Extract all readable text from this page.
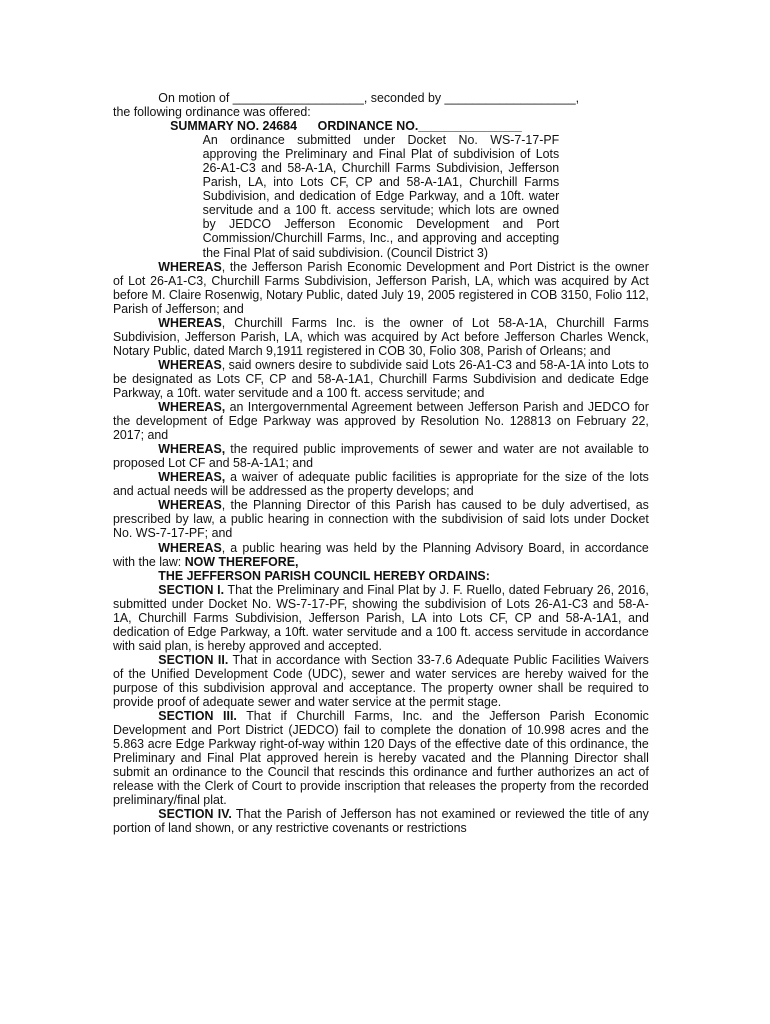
On motion of ___________________, seconded by ___________________,

the following ordinance was offered:

SUMMARY NO. 24684 ORDINANCE NO._______________

An ordinance submitted under Docket No. WS-7-17-PF approving the Preliminary and Final Plat of subdivision of Lots 26-A1-C3 and 58-A-1A, Churchill Farms Subdivision, Jefferson Parish, LA, into Lots CF, CP and 58-A-1A1, Churchill Farms Subdivision, and dedication of Edge Parkway, and a 10ft. water servitude and a 100 ft. access servitude; which lots are owned by JEDCO Jefferson Economic Development and Port Commission/Churchill Farms, Inc., and approving and accepting the Final Plat of said subdivision. (Council District 3)

WHEREAS, the Jefferson Parish Economic Development and Port District is the owner of Lot 26-A1-C3, Churchill Farms Subdivision, Jefferson Parish, LA, which was acquired by Act before M. Claire Rosenwig, Notary Public, dated July 19, 2005 registered in COB 3150, Folio 112, Parish of Jefferson; and

WHEREAS, Churchill Farms Inc. is the owner of Lot 58-A-1A, Churchill Farms Subdivision, Jefferson Parish, LA, which was acquired by Act before Jefferson Charles Wenck, Notary Public, dated March 9,1911 registered in COB 30, Folio 308, Parish of Orleans; and

WHEREAS, said owners desire to subdivide said Lots 26-A1-C3 and 58-A-1A into Lots to be designated as Lots CF, CP and 58-A-1A1, Churchill Farms Subdivision and dedicate Edge Parkway, a 10ft. water servitude and a 100 ft. access servitude; and

WHEREAS, an Intergovernmental Agreement between Jefferson Parish and JEDCO for the development of Edge Parkway was approved by Resolution No. 128813 on February 22, 2017; and

WHEREAS, the required public improvements of sewer and water are not available to proposed Lot CF and 58-A-1A1; and

WHEREAS, a waiver of adequate public facilities is appropriate for the size of the lots and actual needs will be addressed as the property develops; and

WHEREAS, the Planning Director of this Parish has caused to be duly advertised, as prescribed by law, a public hearing in connection with the subdivision of said lots under Docket No. WS-7-17-PF; and

WHEREAS, a public hearing was held by the Planning Advisory Board, in accordance with the law: NOW THEREFORE,

THE JEFFERSON PARISH COUNCIL HEREBY ORDAINS:

SECTION I. That the Preliminary and Final Plat by J. F. Ruello, dated February 26, 2016, submitted under Docket No. WS-7-17-PF, showing the subdivision of Lots 26-A1-C3 and 58-A-1A, Churchill Farms Subdivision, Jefferson Parish, LA into Lots CF, CP and 58-A-1A1, and dedication of Edge Parkway, a 10ft. water servitude and a 100 ft. access servitude in accordance with said plan, is hereby approved and accepted.

SECTION II. That in accordance with Section 33-7.6 Adequate Public Facilities Waivers of the Unified Development Code (UDC), sewer and water services are hereby waived for the purpose of this subdivision approval and acceptance. The property owner shall be required to provide proof of adequate sewer and water service at the permit stage.

SECTION III. That if Churchill Farms, Inc. and the Jefferson Parish Economic Development and Port District (JEDCO) fail to complete the donation of 10.998 acres and the 5.863 acre Edge Parkway right-of-way within 120 Days of the effective date of this ordinance, the Preliminary and Final Plat approved herein is hereby vacated and the Planning Director shall submit an ordinance to the Council that rescinds this ordinance and further authorizes an act of release with the Clerk of Court to provide inscription that releases the property from the recorded preliminary/final plat.

SECTION IV. That the Parish of Jefferson has not examined or reviewed the title of any portion of land shown, or any restrictive covenants or restrictions
